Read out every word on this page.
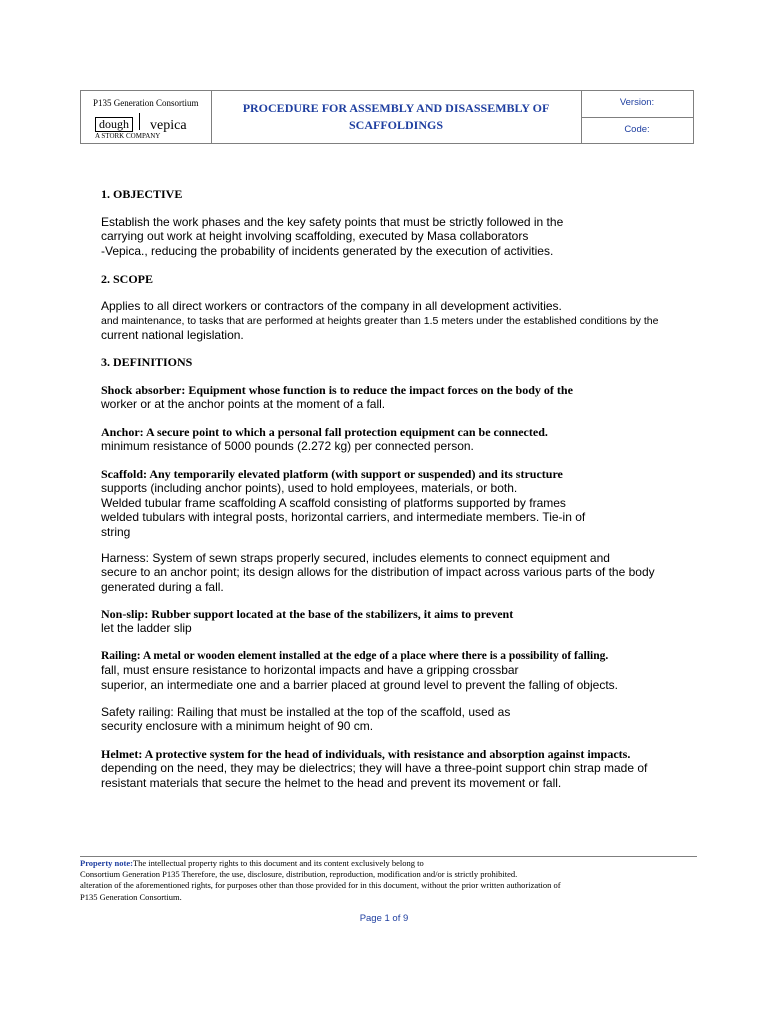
P135 Generation Consortium
dough vepica
A STORK COMPANY
PROCEDURE FOR ASSEMBLY AND DISASSEMBLY OF
SCAFFOLDINGS
Version:
Code:
1. OBJECTIVE
Establish the work phases and the key safety points that must be strictly followed in the
carrying out work at height involving scaffolding, executed by Masa collaborators
-Vepica., reducing the probability of incidents generated by the execution of activities.
2. SCOPE
Applies to all direct workers or contractors of the company in all development activities.
and maintenance, to tasks that are performed at heights greater than 1.5 meters under the established conditions by the
current national legislation.
3. DEFINITIONS
Shock absorber: Equipment whose function is to reduce the impact forces on the body of the
worker or at the anchor points at the moment of a fall.
Anchor: A secure point to which a personal fall protection equipment can be connected.
minimum resistance of 5000 pounds (2.272 kg) per connected person.
Scaffold: Any temporarily elevated platform (with support or suspended) and its structure
supports (including anchor points), used to hold employees, materials, or both.
Welded tubular frame scaffolding A scaffold consisting of platforms supported by frames
welded tubulars with integral posts, horizontal carriers, and intermediate members. Tie-in of
string
Harness: System of sewn straps properly secured, includes elements to connect equipment and
secure to an anchor point; its design allows for the distribution of impact across various parts of the body
generated during a fall.
Non-slip: Rubber support located at the base of the stabilizers, it aims to prevent
let the ladder slip
Railing: A metal or wooden element installed at the edge of a place where there is a possibility of falling.
fall, must ensure resistance to horizontal impacts and have a gripping crossbar
superior, an intermediate one and a barrier placed at ground level to prevent the falling of objects.
Safety railing: Railing that must be installed at the top of the scaffold, used as
security enclosure with a minimum height of 90 cm.
Helmet: A protective system for the head of individuals, with resistance and absorption against impacts.
depending on the need, they may be dielectrics; they will have a three-point support chin strap made of
resistant materials that secure the helmet to the head and prevent its movement or fall.
Property note:The intellectual property rights to this document and its content exclusively belong to
Consortium Generation P135 Therefore, the use, disclosure, distribution, reproduction, modification and/or is strictly prohibited.
alteration of the aforementioned rights, for purposes other than those provided for in this document, without the prior written authorization of
P135 Generation Consortium.
Page 1 of 9
